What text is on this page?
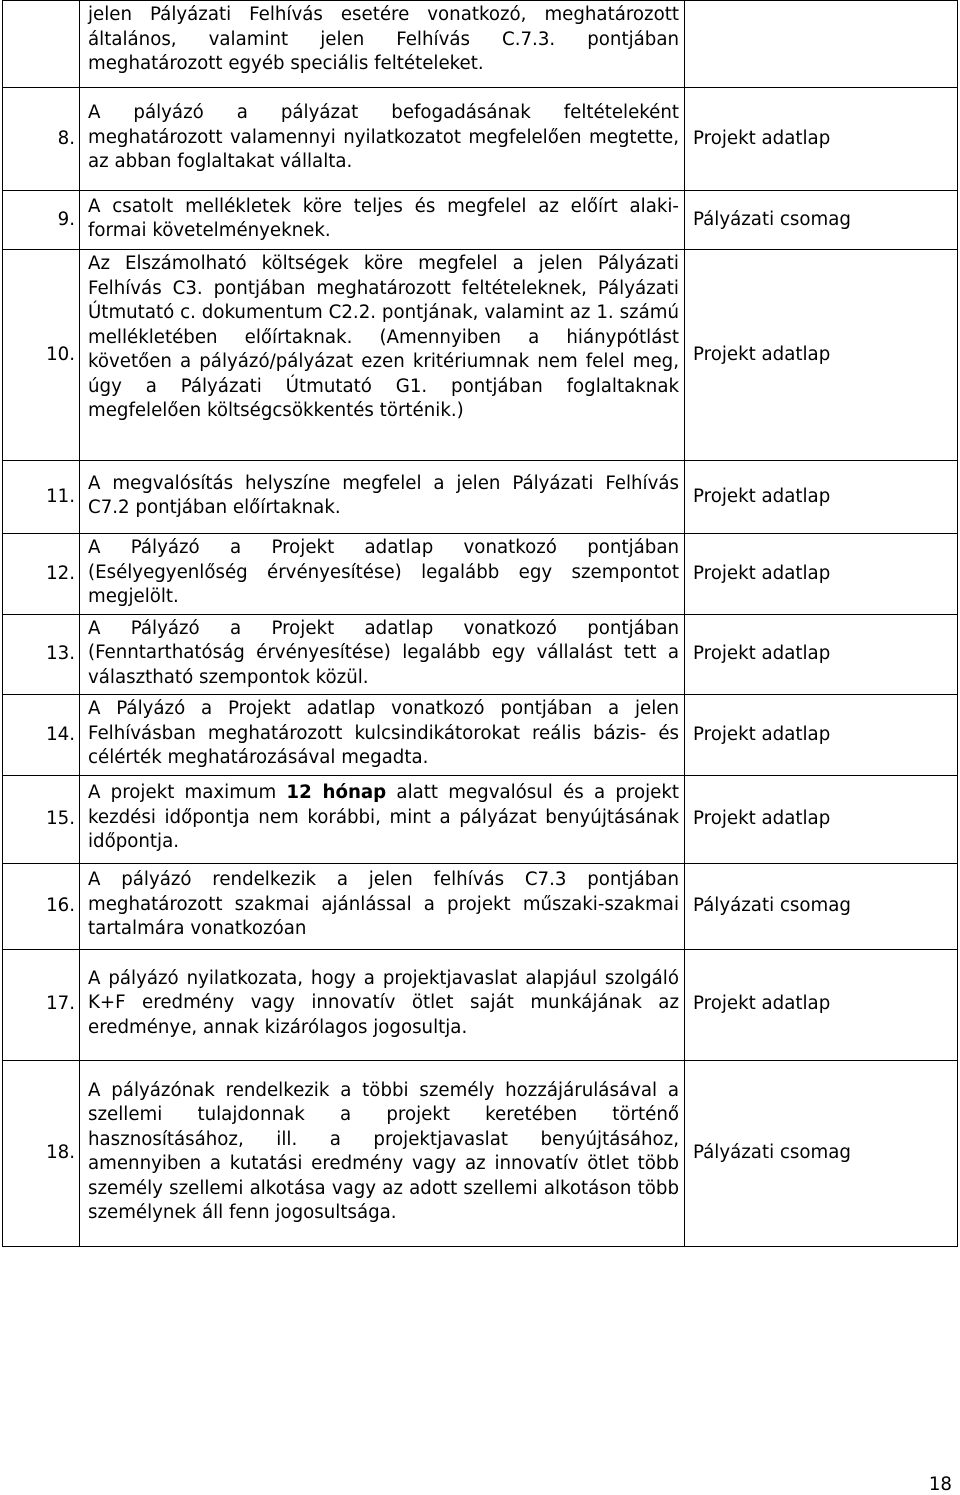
	jelen Pályázati Felhívás esetére vonatkozó, meghatározott általános, valamint jelen Felhívás C.7.3. pontjában meghatározott egyéb speciális feltételeket.	

8.	A pályázó a pályázat befogadásának feltételeként meghatározott valamennyi nyilatkozatot megfelelően megtette, az abban foglaltakat vállalta.	Projekt adatlap
9.	A csatolt mellékletek köre teljes és megfelel az előírt alaki-formai követelményeknek.	Pályázati csomag
10.	Az Elszámolható költségek köre megfelel a jelen Pályázati Felhívás C3. pontjában meghatározott feltételeknek, Pályázati Útmutató c. dokumentum C2.2. pontjának, valamint az 1. számú mellékletében előírtaknak. (Amennyiben a hiánypótlást követően a pályázó/pályázat ezen kritériumnak nem felel meg, úgy a Pályázati Útmutató G1. pontjában foglaltaknak megfelelően költségcsökkentés történik.)	Projekt adatlap
11.	A megvalósítás helyszíne megfelel a jelen Pályázati Felhívás C7.2 pontjában előírtaknak.	Projekt adatlap
12.	A Pályázó a Projekt adatlap vonatkozó pontjában (Esélyegyenlőség érvényesítése) legalább egy szempontot megjelölt.	Projekt adatlap
13.	A Pályázó a Projekt adatlap vonatkozó pontjában (Fenntarthatóság érvényesítése) legalább egy vállalást tett a választható szempontok közül.	Projekt adatlap
14.	A Pályázó a Projekt adatlap vonatkozó pontjában a jelen Felhívásban meghatározott kulcsindikátorokat reális bázis- és célérték meghatározásával megadta.	Projekt adatlap
15.	A projekt maximum 12 hónap alatt megvalósul és a projekt kezdési időpontja nem korábbi, mint a pályázat benyújtásának időpontja.	Projekt adatlap
16.	A pályázó rendelkezik a jelen felhívás C7.3 pontjában meghatározott szakmai ajánlással a projekt műszaki-szakmai tartalmára vonatkozóan	Pályázati csomag
17.	A pályázó nyilatkozata, hogy a projektjavaslat alapjául szolgáló K+F eredmény vagy innovatív ötlet saját munkájának az eredménye, annak kizárólagos jogosultja.	Projekt adatlap
18.	A pályázónak rendelkezik a többi személy hozzájárulásával a szellemi tulajdonnak a projekt keretében történő hasznosításához, ill. a projektjavaslat benyújtásához, amennyiben a kutatási eredmény vagy az innovatív ötlet több személy szellemi alkotása vagy az adott szellemi alkotáson több személynek áll fenn jogosultsága.	Pályázati csomag
18
